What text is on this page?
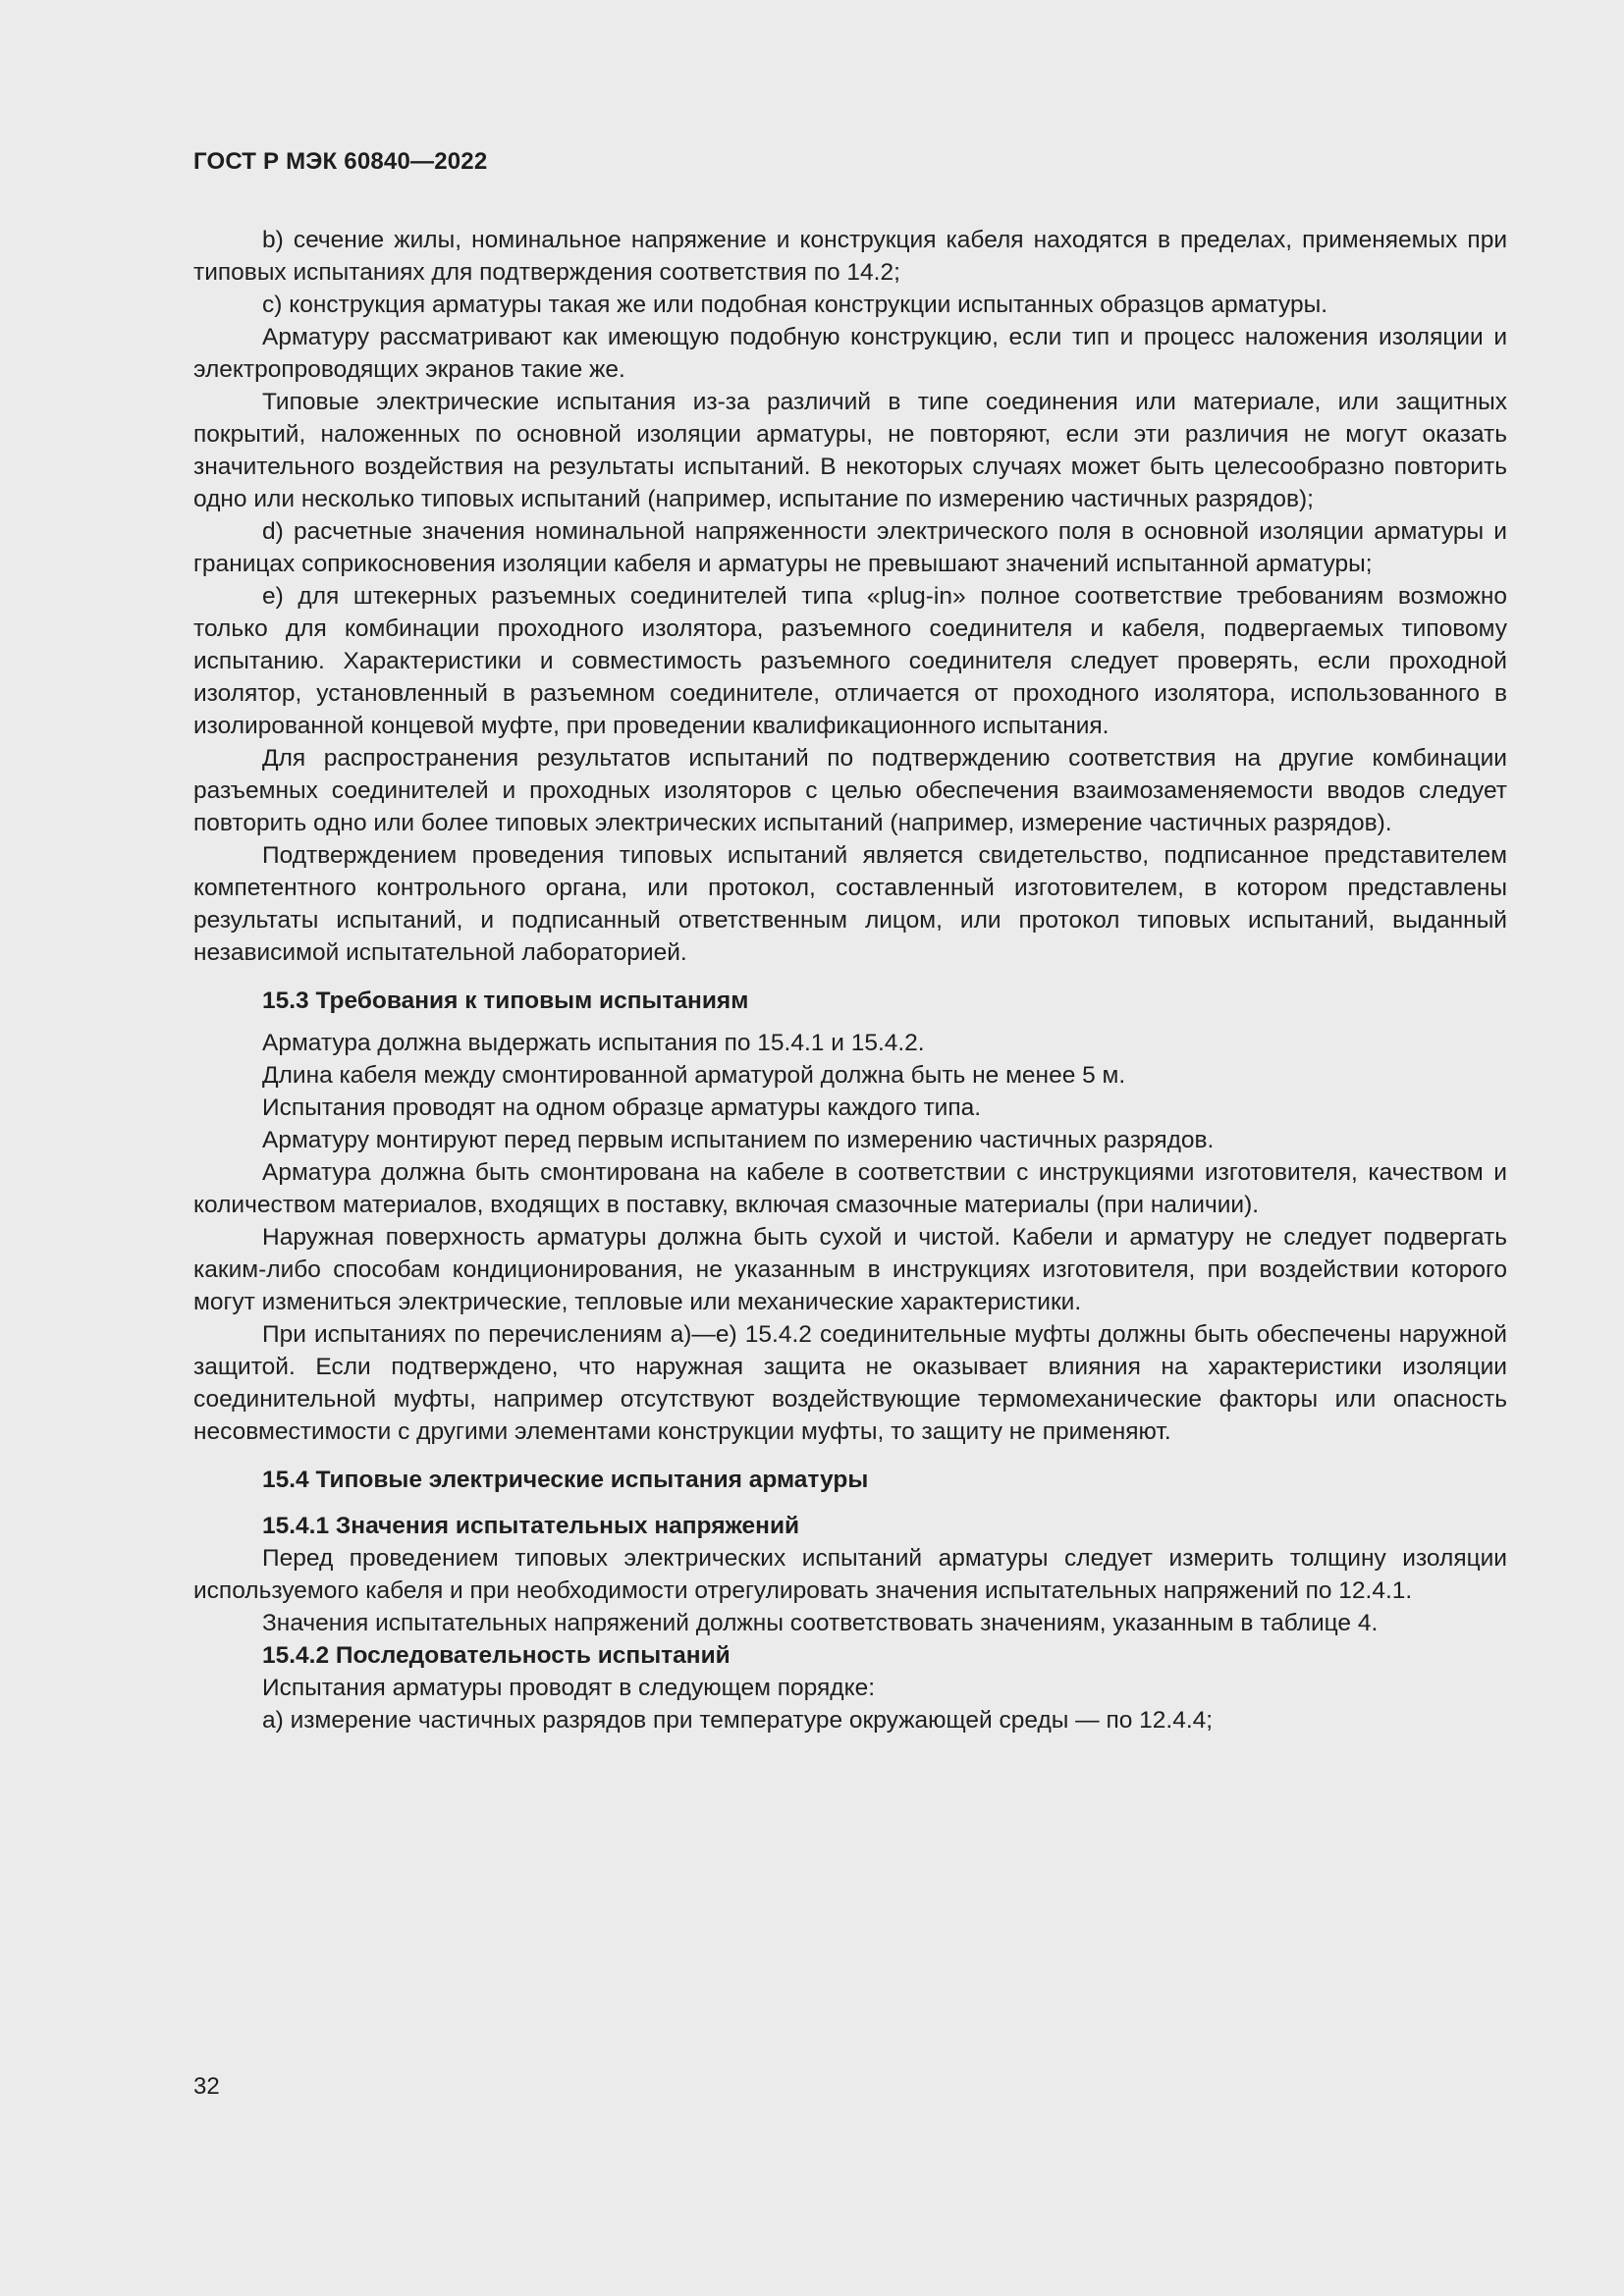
ГОСТ Р МЭК 60840—2022

b) сечение жилы, номинальное напряжение и конструкция кабеля находятся в пределах, применяемых при типовых испытаниях для подтверждения соответствия по 14.2;

c) конструкция арматуры такая же или подобная конструкции испытанных образцов арматуры.

Арматуру рассматривают как имеющую подобную конструкцию, если тип и процесс наложения изоляции и электропроводящих экранов такие же.

Типовые электрические испытания из-за различий в типе соединения или материале, или защитных покрытий, наложенных по основной изоляции арматуры, не повторяют, если эти различия не могут оказать значительного воздействия на результаты испытаний. В некоторых случаях может быть целесообразно повторить одно или несколько типовых испытаний (например, испытание по измерению частичных разрядов);

d) расчетные значения номинальной напряженности электрического поля в основной изоляции арматуры и границах соприкосновения изоляции кабеля и арматуры не превышают значений испытанной арматуры;

e) для штекерных разъемных соединителей типа «plug-in» полное соответствие требованиям возможно только для комбинации проходного изолятора, разъемного соединителя и кабеля, подвергаемых типовому испытанию. Характеристики и совместимость разъемного соединителя следует проверять, если проходной изолятор, установленный в разъемном соединителе, отличается от проходного изолятора, использованного в изолированной концевой муфте, при проведении квалификационного испытания.

Для распространения результатов испытаний по подтверждению соответствия на другие комбинации разъемных соединителей и проходных изоляторов с целью обеспечения взаимозаменяемости вводов следует повторить одно или более типовых электрических испытаний (например, измерение частичных разрядов).

Подтверждением проведения типовых испытаний является свидетельство, подписанное представителем компетентного контрольного органа, или протокол, составленный изготовителем, в котором представлены результаты испытаний, и подписанный ответственным лицом, или протокол типовых испытаний, выданный независимой испытательной лабораторией.

15.3 Требования к типовым испытаниям

Арматура должна выдержать испытания по 15.4.1 и 15.4.2.

Длина кабеля между смонтированной арматурой должна быть не менее 5 м.

Испытания проводят на одном образце арматуры каждого типа.

Арматуру монтируют перед первым испытанием по измерению частичных разрядов.

Арматура должна быть смонтирована на кабеле в соответствии с инструкциями изготовителя, качеством и количеством материалов, входящих в поставку, включая смазочные материалы (при наличии).

Наружная поверхность арматуры должна быть сухой и чистой. Кабели и арматуру не следует подвергать каким-либо способам кондиционирования, не указанным в инструкциях изготовителя, при воздействии которого могут измениться электрические, тепловые или механические характеристики.

При испытаниях по перечислениям а)—е) 15.4.2 соединительные муфты должны быть обеспечены наружной защитой. Если подтверждено, что наружная защита не оказывает влияния на характеристики изоляции соединительной муфты, например отсутствуют воздействующие термомеханические факторы или опасность несовместимости с другими элементами конструкции муфты, то защиту не применяют.

15.4 Типовые электрические испытания арматуры
15.4.1 Значения испытательных напряжений

Перед проведением типовых электрических испытаний арматуры следует измерить толщину изоляции используемого кабеля и при необходимости отрегулировать значения испытательных напряжений по 12.4.1.

Значения испытательных напряжений должны соответствовать значениям, указанным в таблице 4.

15.4.2 Последовательность испытаний

Испытания арматуры проводят в следующем порядке:

а) измерение частичных разрядов при температуре окружающей среды — по 12.4.4;

32
